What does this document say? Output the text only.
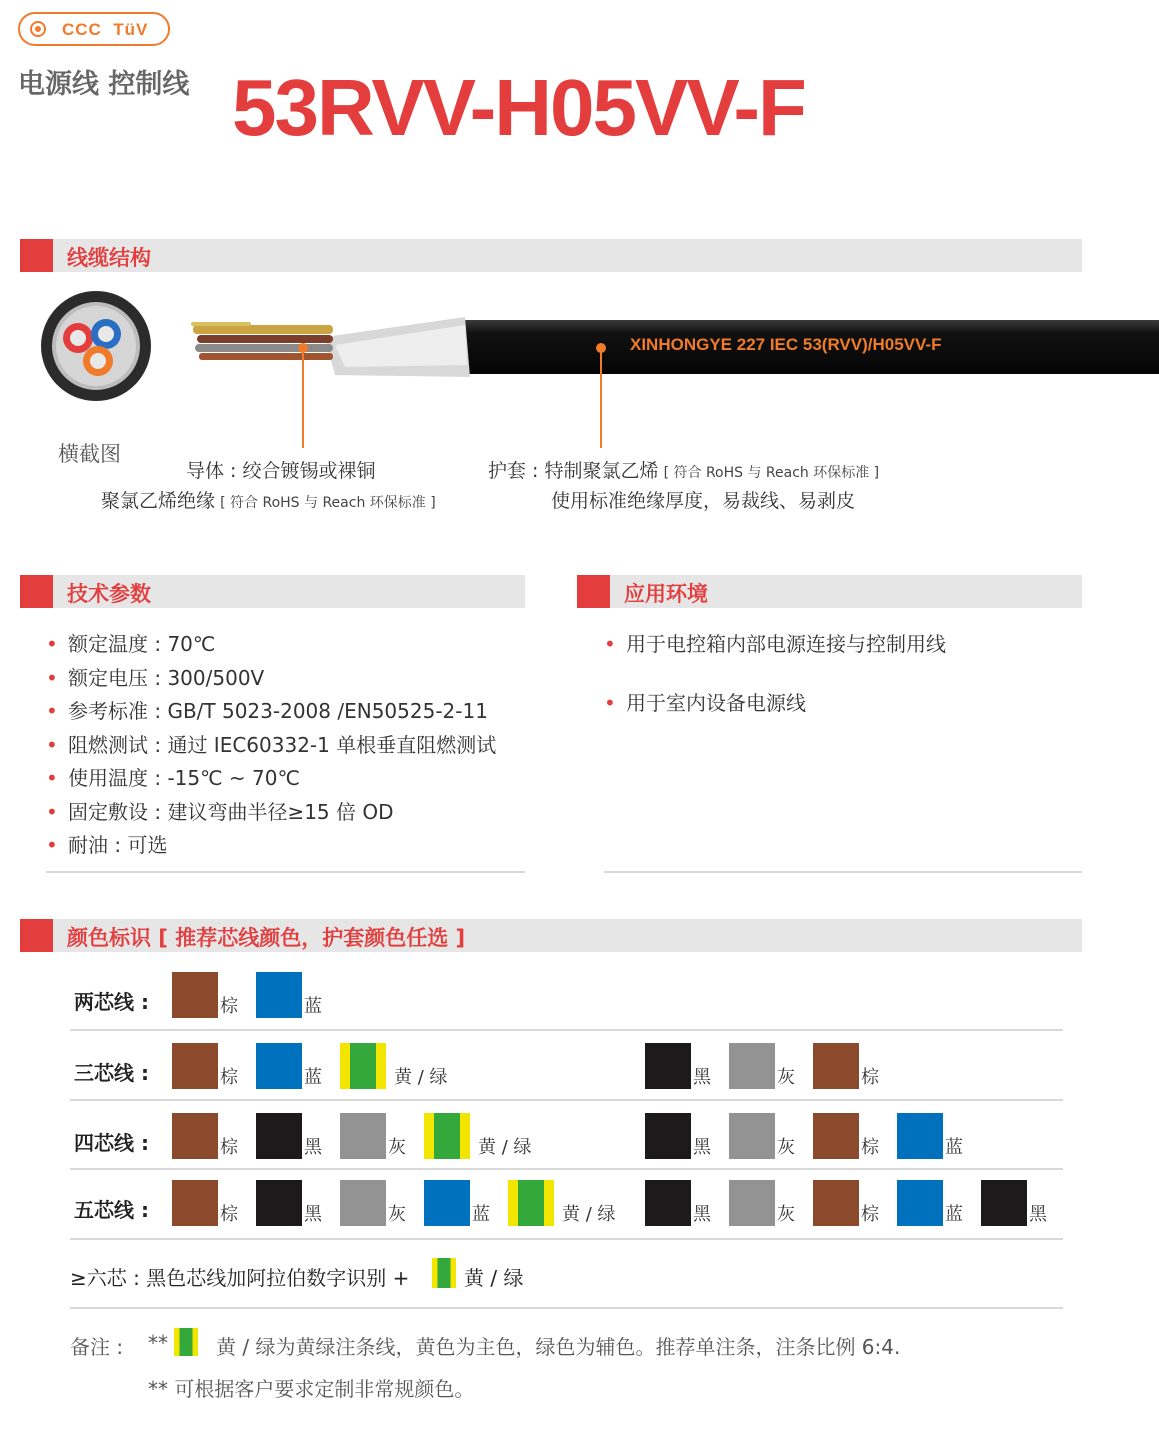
CCC  TüV
电源线 控制线 53RVV-H05VV-F
线缆结构
横截图
XINHONGYE 227 IEC 53(RVV)/H05VV-F
导体 : 绞合镀锡或裸铜
聚氯乙烯绝缘 [ 符合 RoHS 与 Reach 环保标准 ]
护套 : 特制聚氯乙烯 [ 符合 RoHS 与 Reach 环保标准 ]
使用标准绝缘厚度，易裁线、易剥皮
技术参数
• 额定温度 : 70℃
• 额定电压 : 300/500V
• 参考标准 : GB/T 5023-2008 /EN50525-2-11
• 阻燃测试 : 通过 IEC60332-1 单根垂直阻燃测试
• 使用温度 : -15℃ ~ 70℃
• 固定敷设 : 建议弯曲半径≥15 倍 OD
• 耐油 : 可选
应用环境
• 用于电控箱内部电源连接与控制用线
• 用于室内设备电源线
颜色标识 [ 推荐芯线颜色，护套颜色任选 ]
两芯线 :	棕	蓝
三芯线 :	棕	蓝	黄 / 绿	黑	灰	棕
四芯线 :	棕	黑	灰	黄 / 绿	黑	灰	棕	蓝
五芯线 :	棕	黑	灰	蓝	黄 / 绿	黑	灰	棕	蓝	黑
≥六芯 : 黑色芯线加阿拉伯数字识别 +	黄 / 绿
备注 : ** 黄 / 绿为黄绿注条线，黄色为主色，绿色为辅色。推荐单注条，注条比例 6:4.
** 可根据客户要求定制非常规颜色。
